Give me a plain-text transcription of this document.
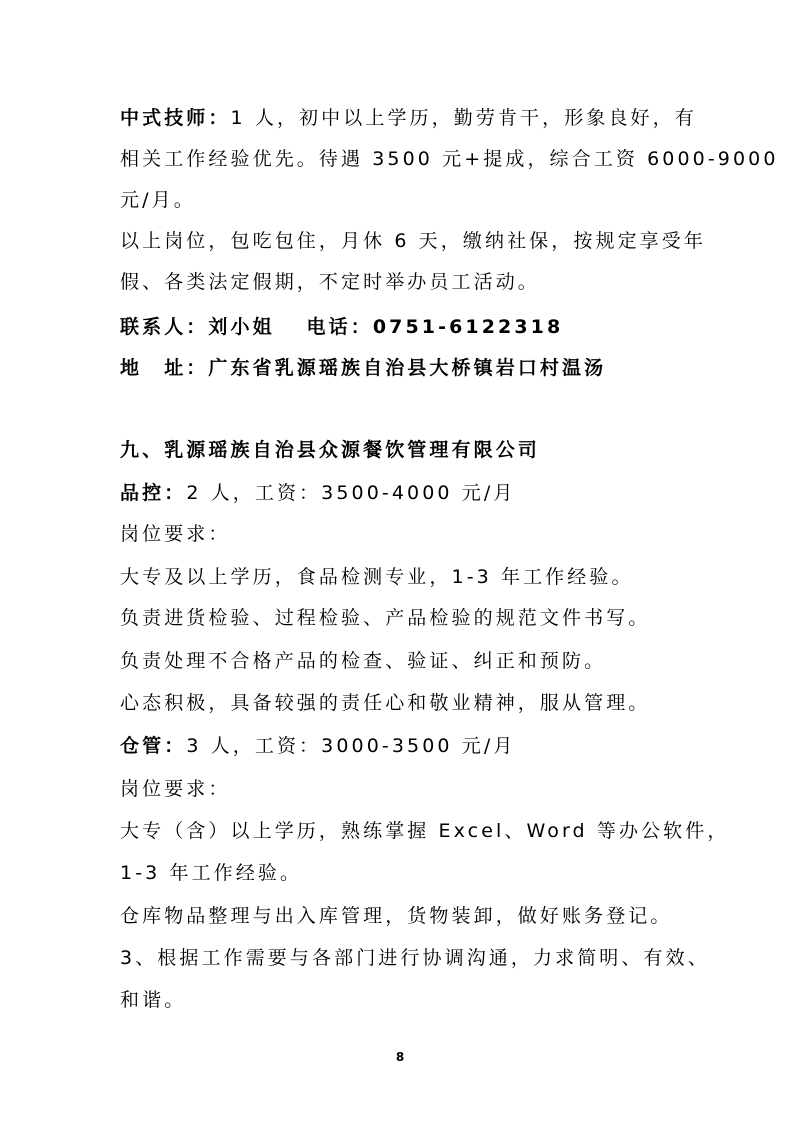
中式技师：1 人，初中以上学历，勤劳肯干，形象良好，有
相关工作经验优先。待遇 3500 元+提成，综合工资 6000-9000
元/月。
以上岗位，包吃包住，月休 6 天，缴纳社保，按规定享受年
假、各类法定假期，不定时举办员工活动。
联系人：刘小姐　 电话：0751-6122318
地　址：广东省乳源瑶族自治县大桥镇岩口村温汤
九、乳源瑶族自治县众源餐饮管理有限公司
品控：2 人，工资：3500-4000 元/月
岗位要求：
大专及以上学历，食品检测专业，1-3 年工作经验。
负责进货检验、过程检验、产品检验的规范文件书写。
负责处理不合格产品的检查、验证、纠正和预防。
心态积极，具备较强的责任心和敬业精神，服从管理。
仓管：3 人，工资：3000-3500 元/月
岗位要求：
大专（含）以上学历，熟练掌握 Excel、Word 等办公软件，
1-3 年工作经验。
仓库物品整理与出入库管理，货物装卸，做好账务登记。
3、根据工作需要与各部门进行协调沟通，力求简明、有效、
和谐。
8
